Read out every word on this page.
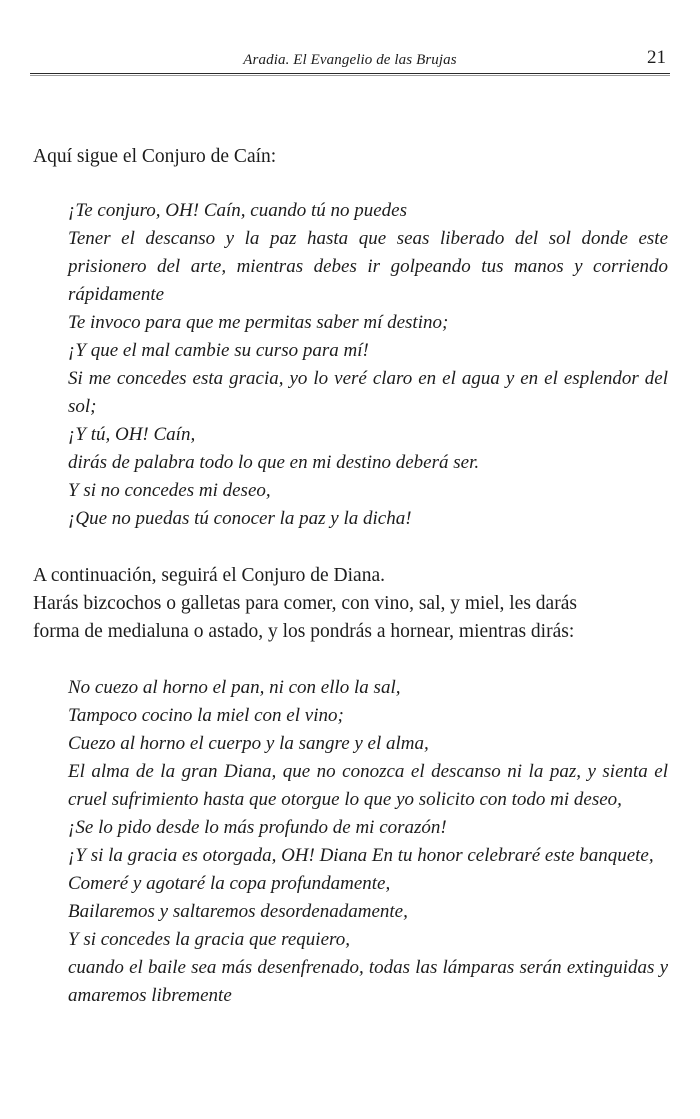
Aradia. El Evangelio de las Brujas	21
Aquí sigue el Conjuro de Caín:
¡Te conjuro, OH! Caín, cuando tú no puedes
Tener el descanso y la paz hasta que seas liberado del sol donde este prisionero del arte, mientras debes ir golpeando tus manos y corriendo rápidamente
Te invoco para que me permitas saber mí destino;
¡Y que el mal cambie su curso para mí!
Si me concedes esta gracia, yo lo veré claro en el agua y en el esplendor del sol;
¡Y tú, OH! Caín,
dirás de palabra todo lo que en mi destino deberá ser.
Y si no concedes mi deseo,
¡Que no puedas tú conocer la paz y la dicha!
A continuación, seguirá el Conjuro de Diana.
Harás bizcochos o galletas para comer, con vino, sal, y miel, les darás
forma de medialuna o astado, y los pondrás a hornear, mientras dirás:
No cuezo al horno el pan, ni con ello la sal,
Tampoco cocino la miel con el vino;
Cuezo al horno el cuerpo y la sangre y el alma,
El alma de la gran Diana, que no conozca el descanso ni la paz, y sienta el cruel sufrimiento hasta que otorgue lo que yo solicito con todo mi deseo,
¡Se lo pido desde lo más profundo de mi corazón!
¡Y si la gracia es otorgada, OH! Diana En tu honor celebraré este banquete,
Comeré y agotaré la copa profundamente,
Bailaremos y saltaremos desordenadamente,
Y si concedes la gracia que requiero,
cuando el baile sea más desenfrenado, todas las lámparas serán extinguidas y amaremos libremente
